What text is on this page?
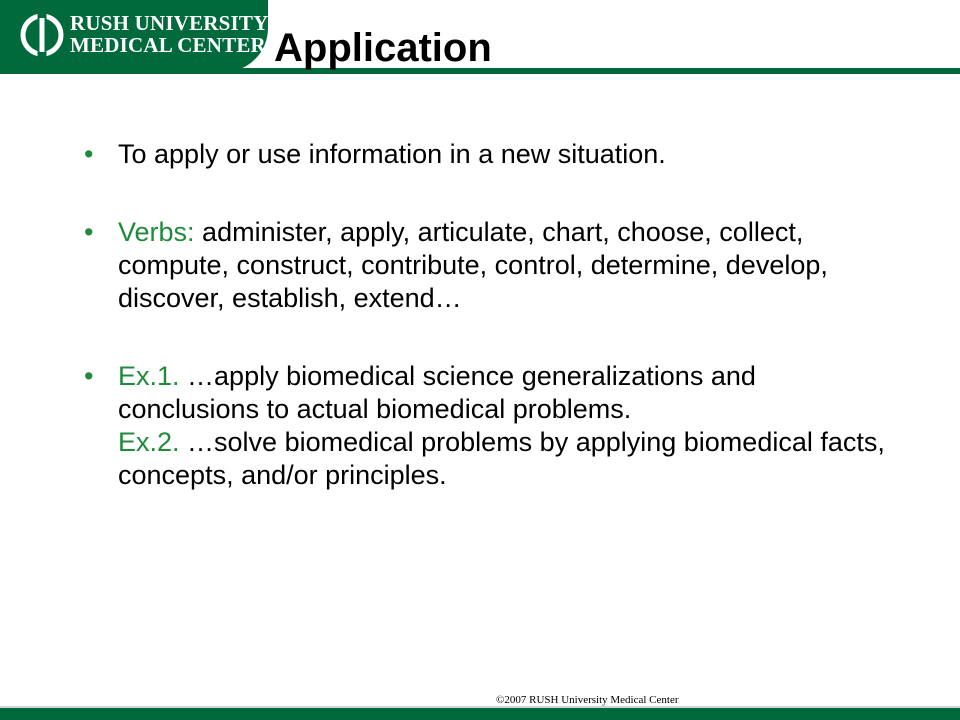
RUSH UNIVERSITY
MEDICAL CENTER Application
• To apply or use information in a new situation.
• Verbs: administer, apply, articulate, chart, choose, collect, compute, construct, contribute, control, determine, develop, discover, establish, extend…
• Ex.1. …apply biomedical science generalizations and conclusions to actual biomedical problems.
Ex.2. …solve biomedical problems by applying biomedical facts, concepts, and/or principles.
©2007 RUSH University Medical Center
